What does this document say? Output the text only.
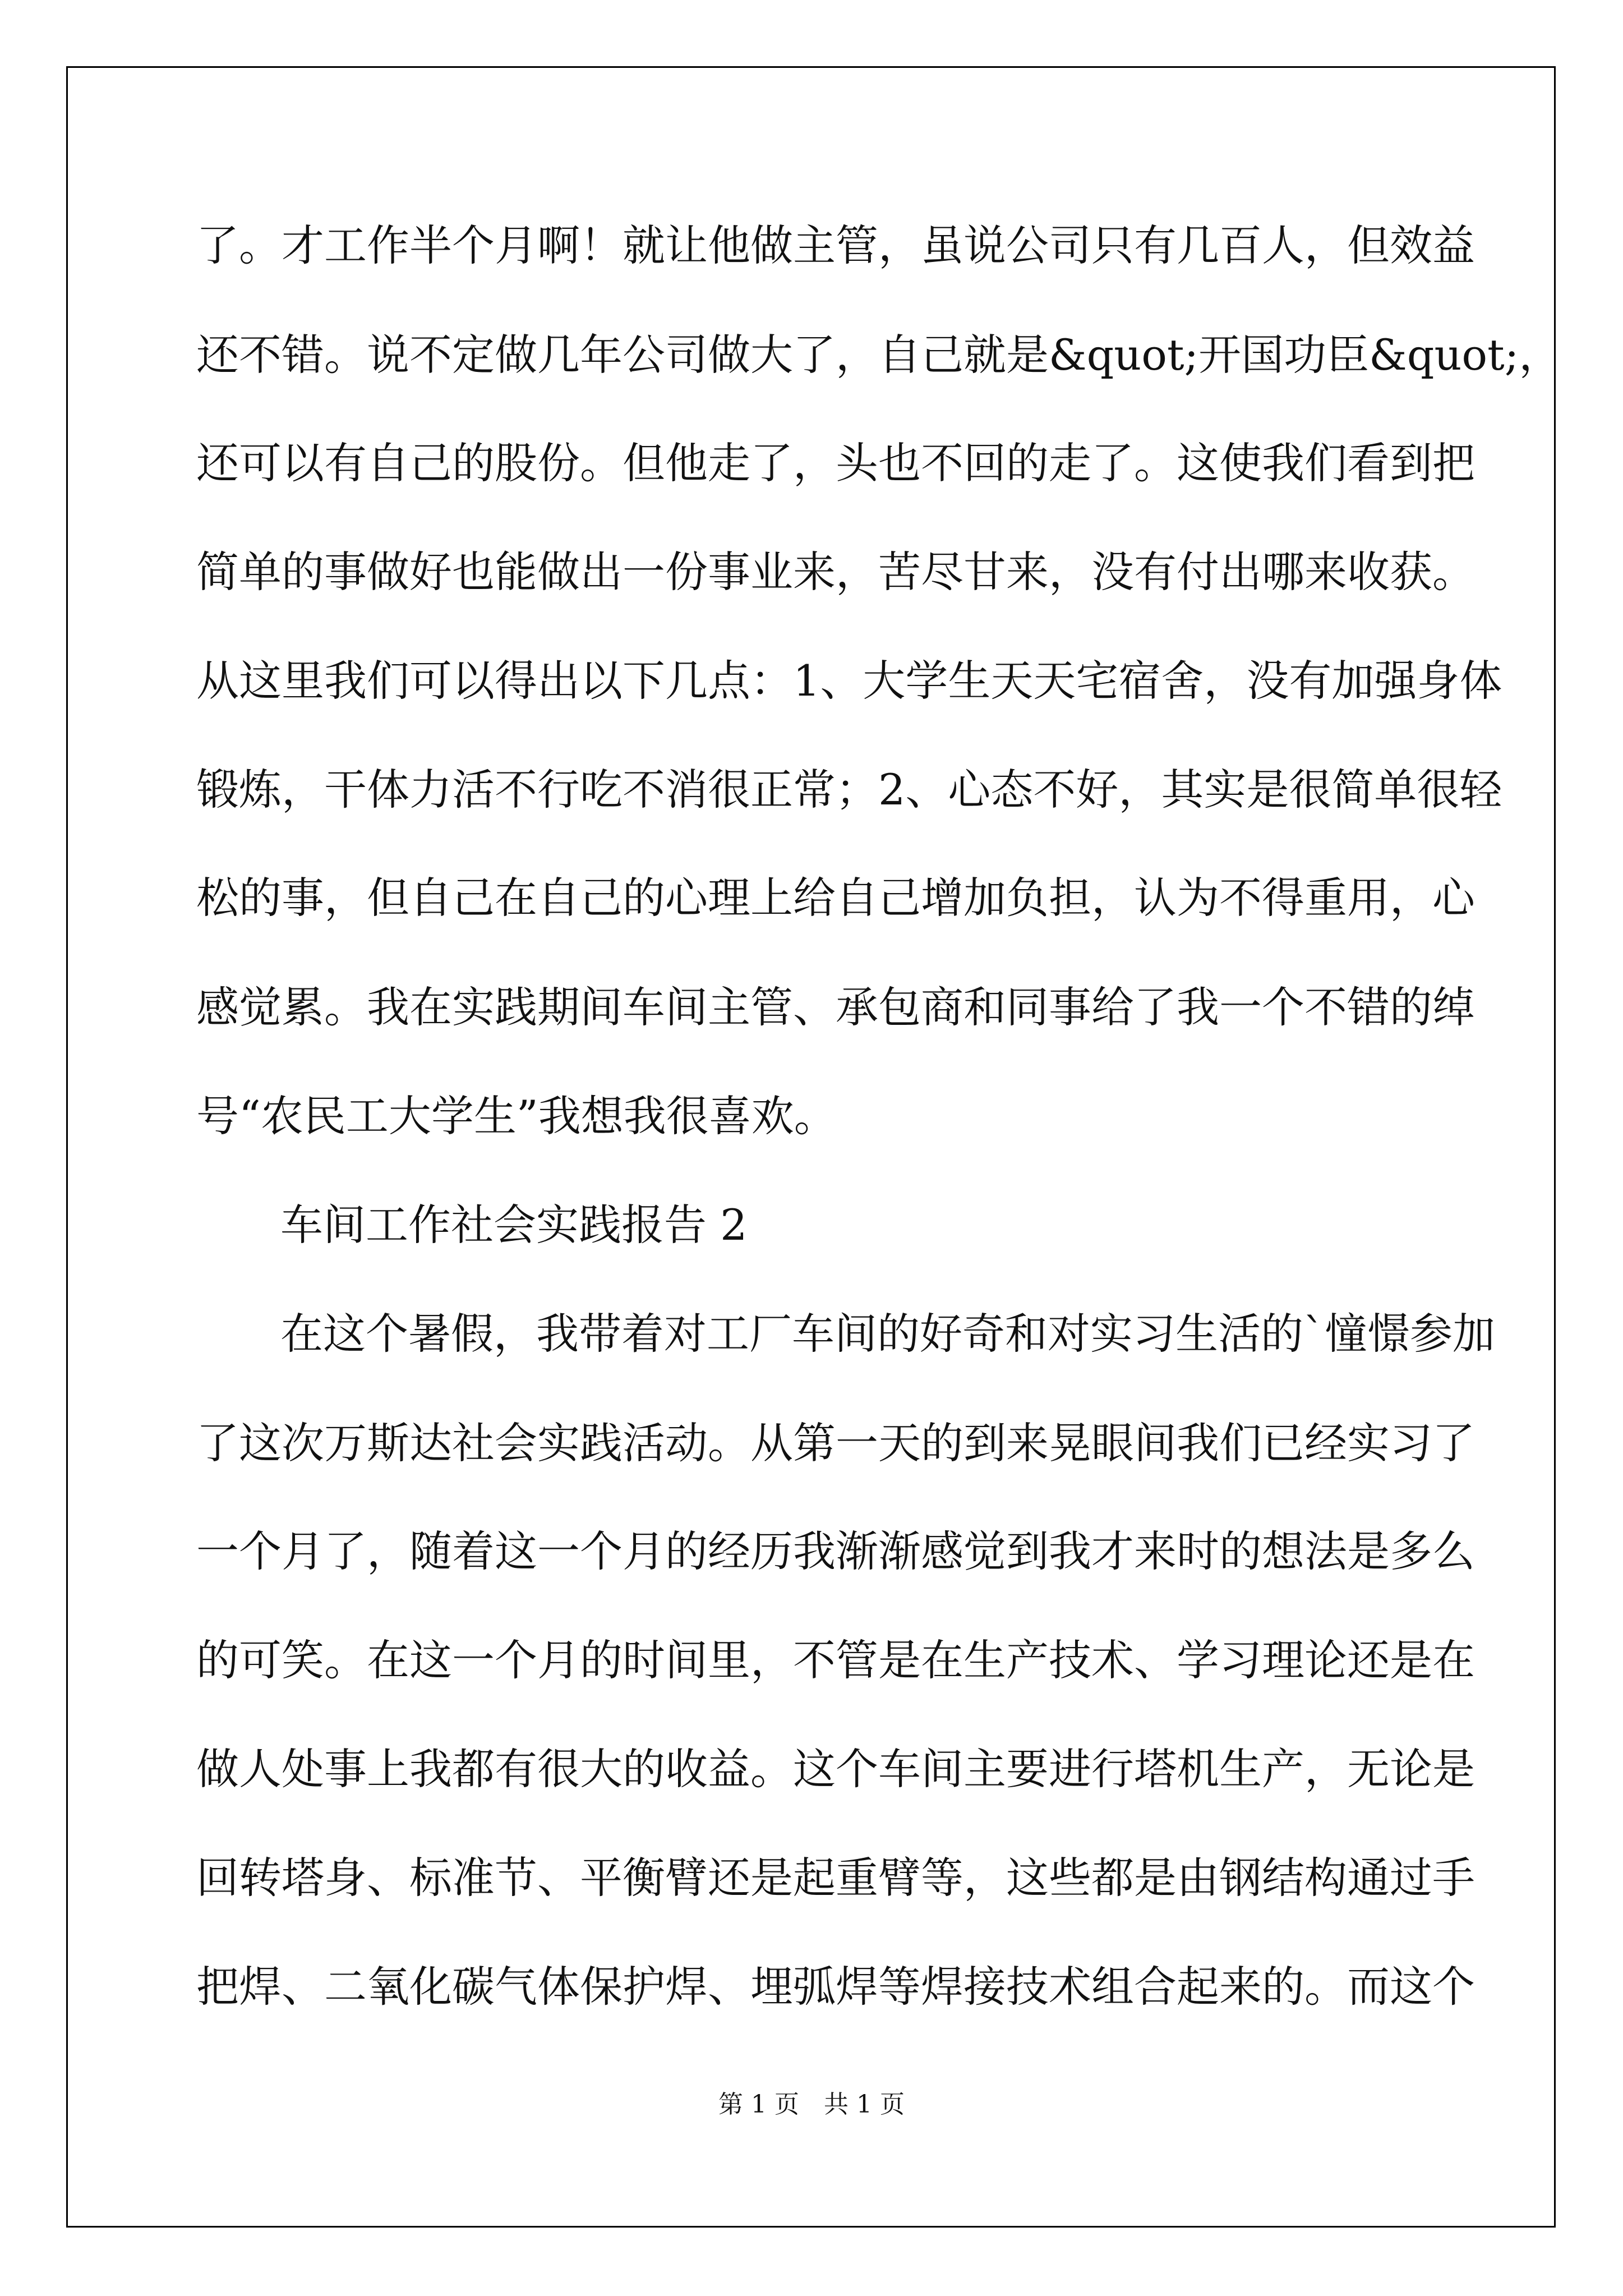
了。才工作半个月啊！就让他做主管，虽说公司只有几百人，但效益
还不错。说不定做几年公司做大了，自己就是&quot;开国功臣&quot;，
还可以有自己的股份。但他走了，头也不回的走了。这使我们看到把
简单的事做好也能做出一份事业来，苦尽甘来，没有付出哪来收获。
从这里我们可以得出以下几点：1、大学生天天宅宿舍，没有加强身体
锻炼，干体力活不行吃不消很正常；2、心态不好，其实是很简单很轻
松的事，但自己在自己的心理上给自己增加负担，认为不得重用，心
感觉累。我在实践期间车间主管、承包商和同事给了我一个不错的绰
号“农民工大学生”我想我很喜欢。
车间工作社会实践报告 2
在这个暑假，我带着对工厂车间的好奇和对实习生活的`憧憬参加
了这次万斯达社会实践活动。从第一天的到来晃眼间我们已经实习了
一个月了，随着这一个月的经历我渐渐感觉到我才来时的想法是多么
的可笑。在这一个月的时间里，不管是在生产技术、学习理论还是在
做人处事上我都有很大的收益。这个车间主要进行塔机生产，无论是
回转塔身、标准节、平衡臂还是起重臂等，这些都是由钢结构通过手
把焊、二氧化碳气体保护焊、埋弧焊等焊接技术组合起来的。而这个
第 1 页　共 1 页
